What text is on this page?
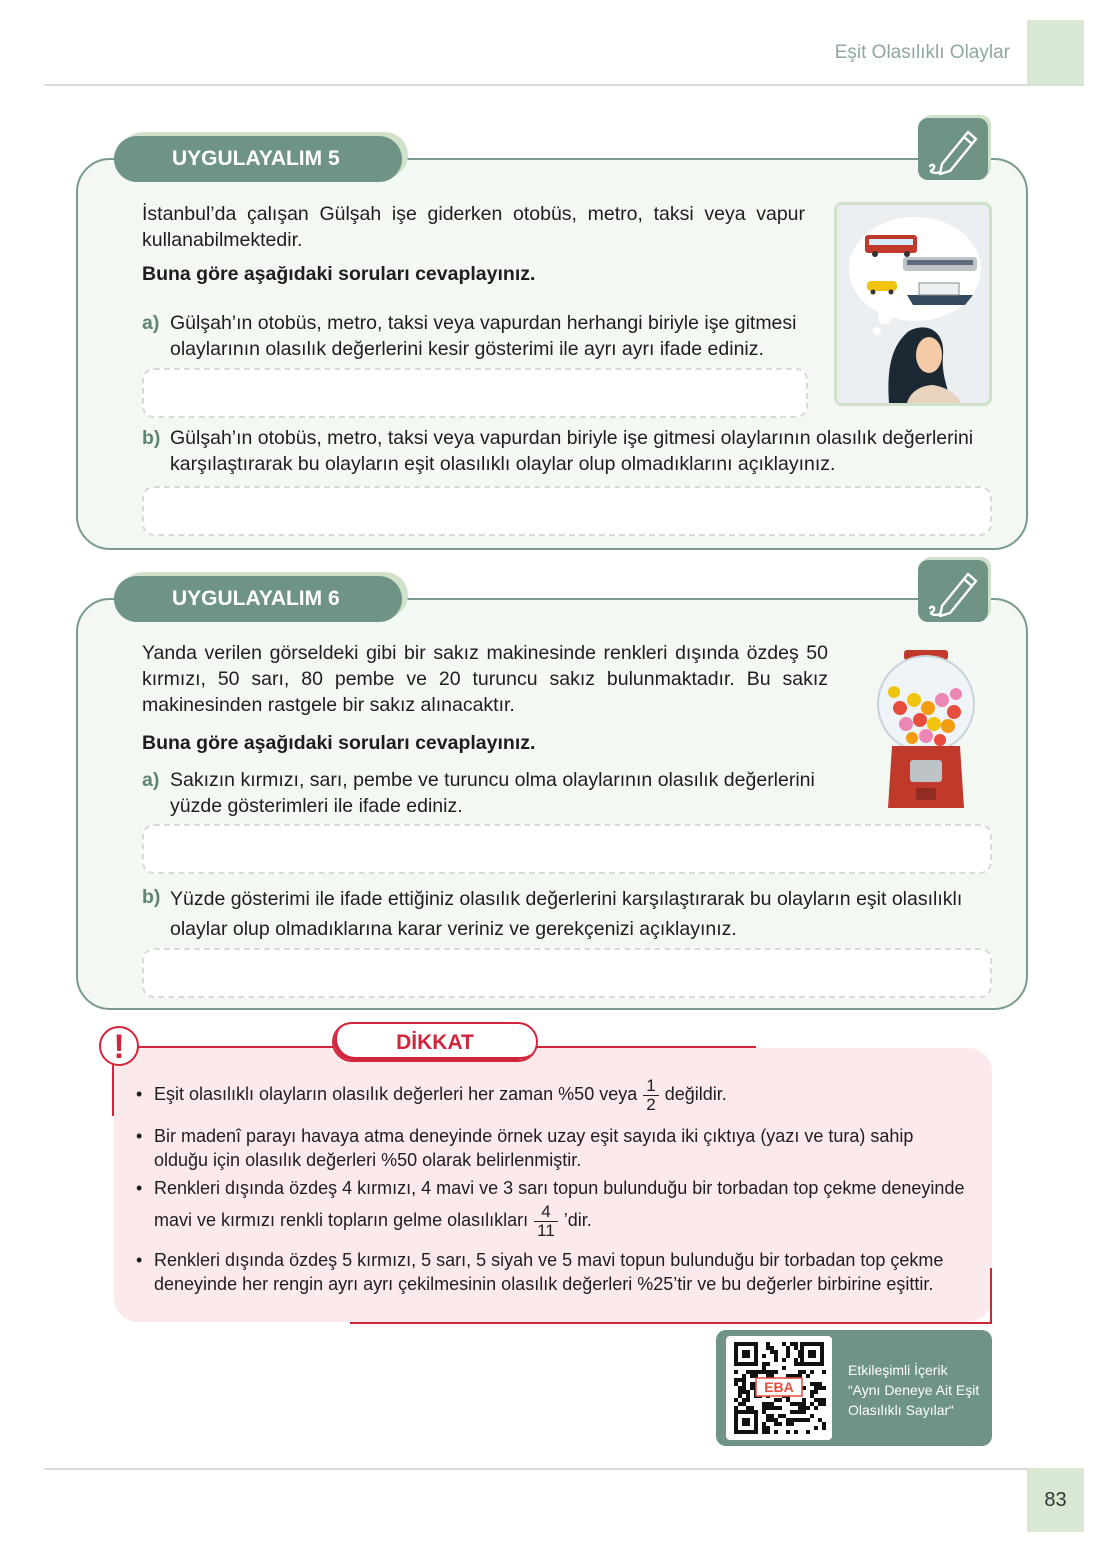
Eşit Olasılıklı Olaylar
UYGULAYALIM 5
İstanbul’da çalışan Gülşah işe giderken otobüs, metro, taksi veya vapur kullanabilmektedir.
Buna göre aşağıdaki soruları cevaplayınız.
a) Gülşah’ın otobüs, metro, taksi veya vapurdan herhangi biriyle işe gitmesi olaylarının olasılık değerlerini kesir gösterimi ile ayrı ayrı ifade ediniz.
b) Gülşah’ın otobüs, metro, taksi veya vapurdan biriyle işe gitmesi olaylarının olasılık değerlerini karşılaştırarak bu olayların eşit olasılıklı olaylar olup olmadıklarını açıklayınız.
UYGULAYALIM 6
Yanda verilen görseldeki gibi bir sakız makinesinde renkleri dışında özdeş 50 kırmızı, 50 sarı, 80 pembe ve 20 turuncu sakız bulunmaktadır. Bu sakız makinesinden rastgele bir sakız alınacaktır.
Buna göre aşağıdaki soruları cevaplayınız.
a) Sakızın kırmızı, sarı, pembe ve turuncu olma olaylarının olasılık değerlerini yüzde gösterimleri ile ifade ediniz.
b) Yüzde gösterimi ile ifade ettiğiniz olasılık değerlerini karşılaştırarak bu olayların eşit olasılıklı olaylar olup olmadıklarına karar veriniz ve gerekçenizi açıklayınız.
!	DİKKAT
• Eşit olasılıklı olayların olasılık değerleri her zaman %50 veya $\frac{1}{2}$ değildir.
• Bir madenî parayı havaya atma deneyinde örnek uzay eşit sayıda iki çıktıya (yazı ve tura) sahip olduğu için olasılık değerleri %50 olarak belirlenmiştir.
• Renkleri dışında özdeş 4 kırmızı, 4 mavi ve 3 sarı topun bulunduğu bir torbadan top çekme deneyinde
mavi ve kırmızı renkli topların gelme olasılıkları $\frac{4}{11}$ ’dir.
• Renkleri dışında özdeş 5 kırmızı, 5 sarı, 5 siyah ve 5 mavi topun bulunduğu bir torbadan top çekme deneyinde her rengin ayrı ayrı çekilmesinin olasılık değerleri %25’tir ve bu değerler birbirine eşittir.
EBA
Etkileşimli İçerik
“Aynı Deneye Ait Eşit
Olasılıklı Sayılar“
83
